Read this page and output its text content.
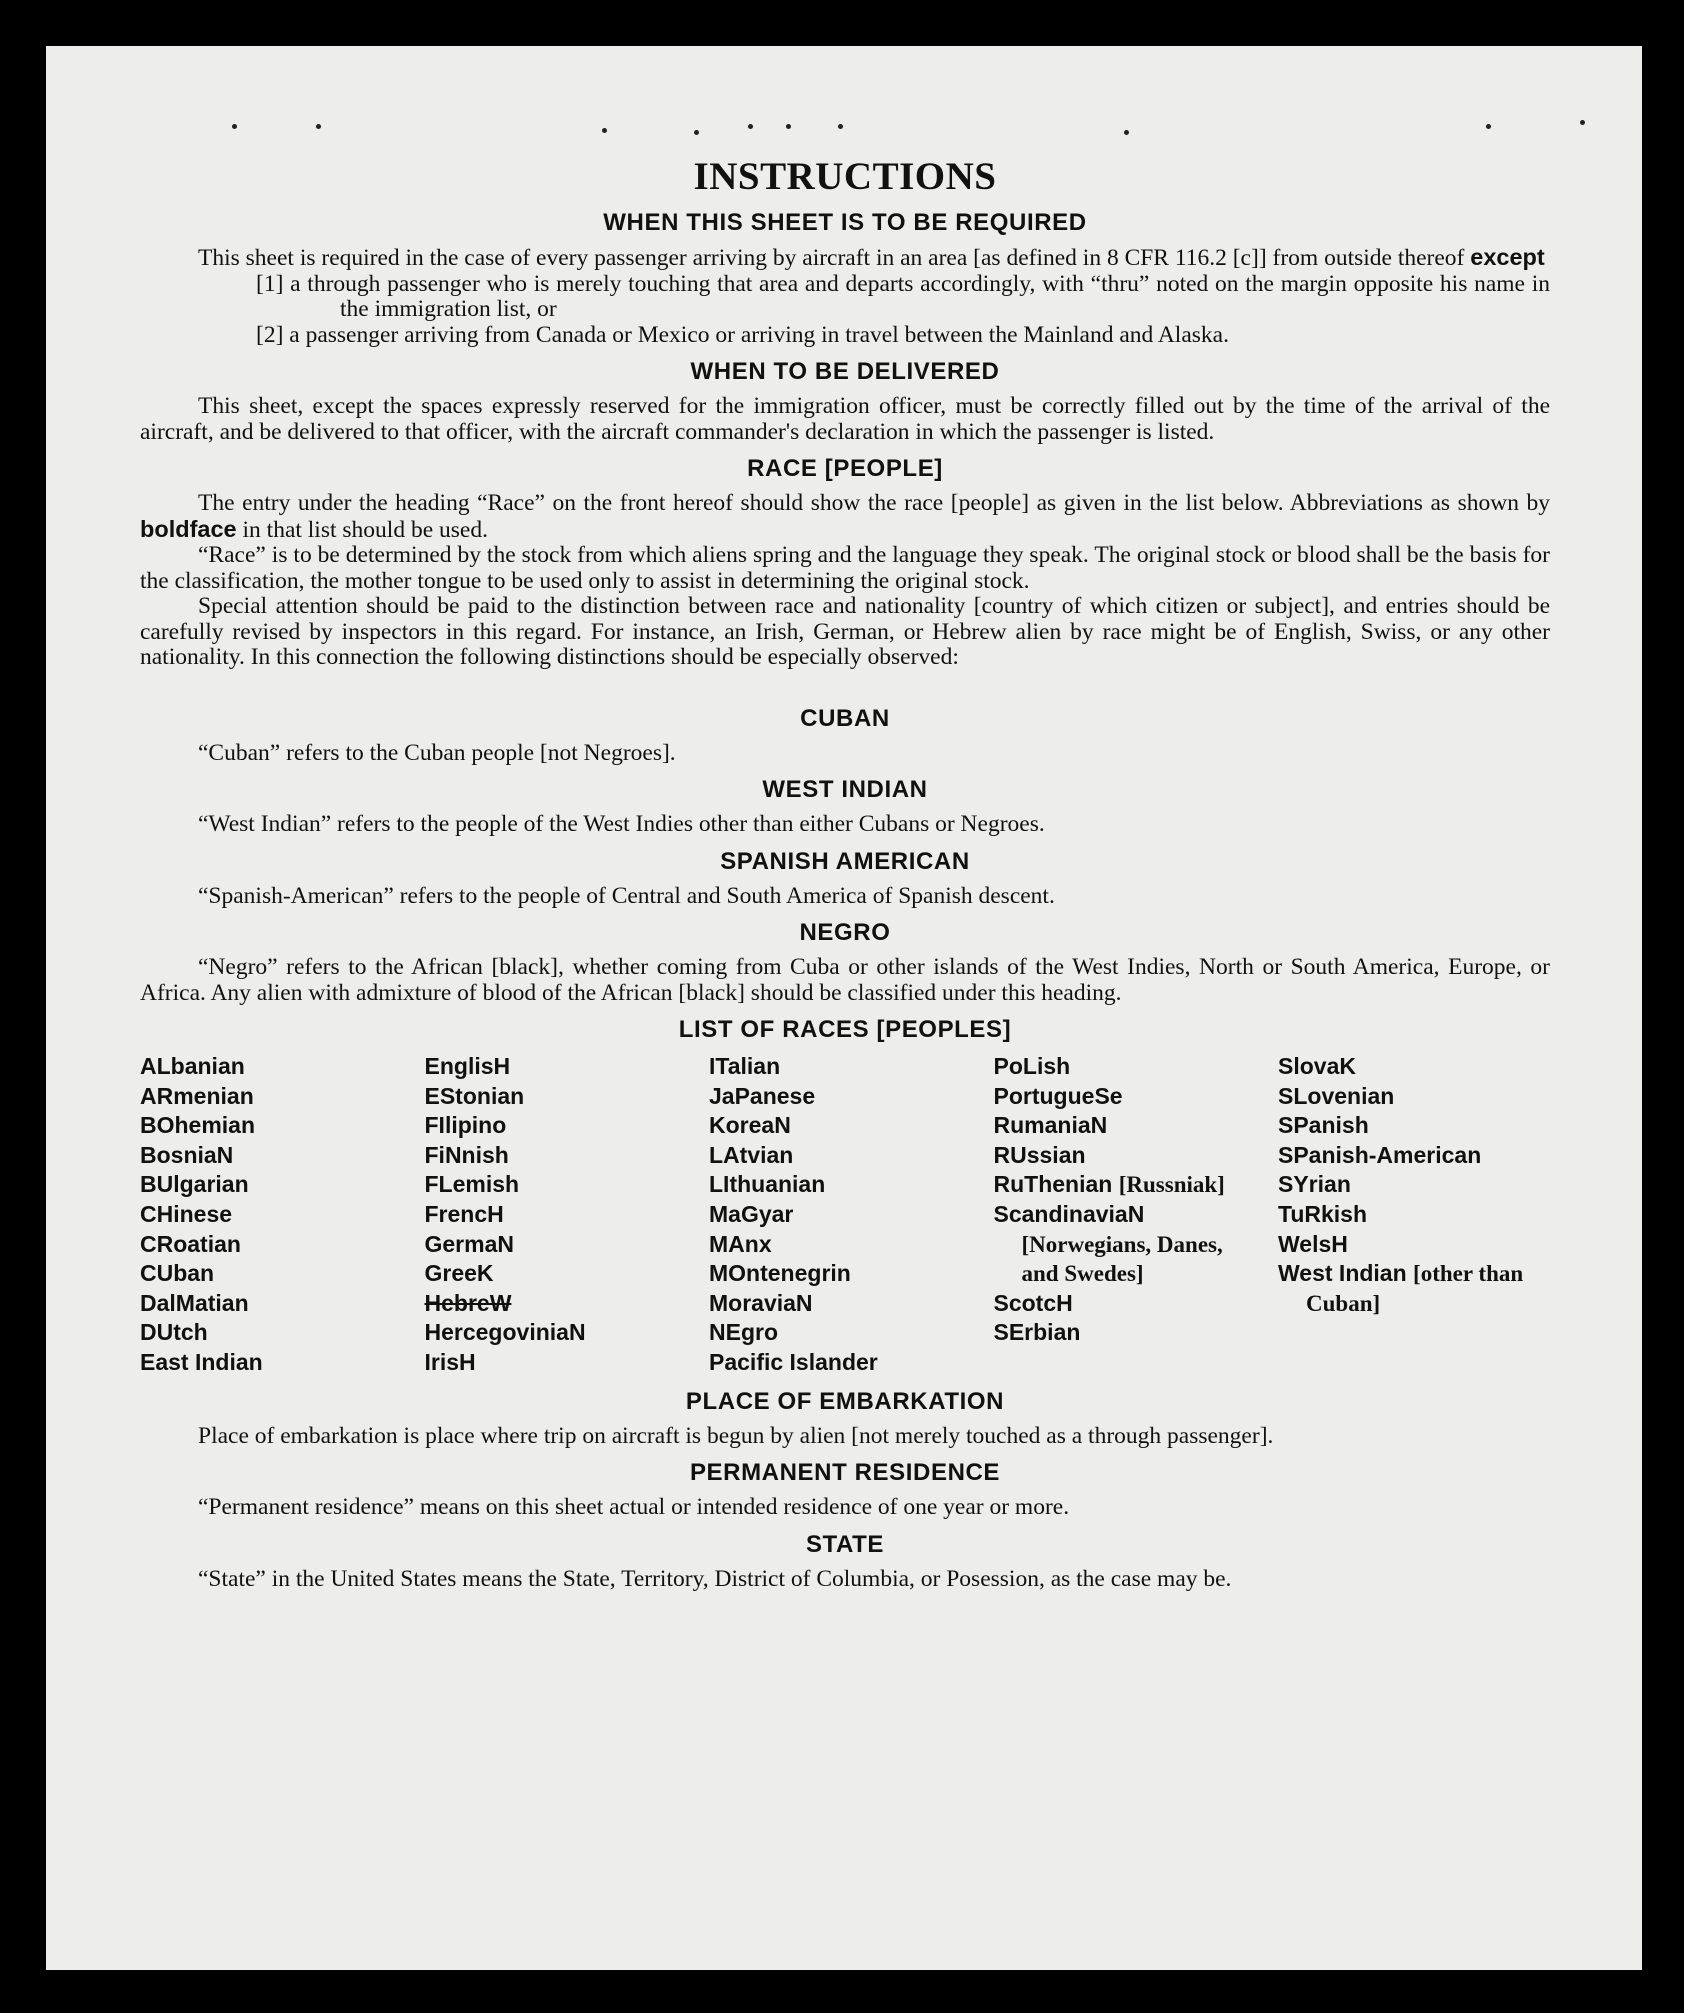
INSTRUCTIONS
WHEN THIS SHEET IS TO BE REQUIRED

This sheet is required in the case of every passenger arriving by aircraft in an area [as defined in 8 CFR 116.2 [c]] from outside thereof except

[1] a through passenger who is merely touching that area and departs accordingly, with “thru” noted on the margin opposite his name in the immigration list, or
[2] a passenger arriving from Canada or Mexico or arriving in travel between the Mainland and Alaska.
WHEN TO BE DELIVERED

This sheet, except the spaces expressly reserved for the immigration officer, must be correctly filled out by the time of the arrival of the aircraft, and be delivered to that officer, with the aircraft commander's declaration in which the passenger is listed.

RACE [PEOPLE]

The entry under the heading “Race” on the front hereof should show the race [people] as given in the list below. Abbreviations as shown by boldface in that list should be used.

“Race” is to be determined by the stock from which aliens spring and the language they speak. The original stock or blood shall be the basis for the classification, the mother tongue to be used only to assist in determining the original stock.

Special attention should be paid to the distinction between race and nationality [country of which citizen or subject], and entries should be carefully revised by inspectors in this regard. For instance, an Irish, German, or Hebrew alien by race might be of English, Swiss, or any other nationality. In this connection the following distinctions should be especially observed:

CUBAN

“Cuban” refers to the Cuban people [not Negroes].

WEST INDIAN

“West Indian” refers to the people of the West Indies other than either Cubans or Negroes.

SPANISH AMERICAN

“Spanish-American” refers to the people of Central and South America of Spanish descent.

NEGRO

“Negro” refers to the African [black], whether coming from Cuba or other islands of the West Indies, North or South America, Europe, or Africa. Any alien with admixture of blood of the African [black] should be classified under this heading.

LIST OF RACES [PEOPLES]
ALbanian
ARmenian
BOhemian
BosniaN
BUlgarian
CHinese
CRoatian
CUban
DalMatian
DUtch
East Indian
EnglisH
EStonian
FIlipino
FiNnish
FLemish
FrencH
GermaN
GreeK
HebreW
HercegoviniaN
IrisH
ITalian
JaPanese
KoreaN
LAtvian
LIthuanian
MaGyar
MAnx
MOntenegrin
MoraviaN
NEgro
Pacific Islander
PoLish
PortugueSe
RumaniaN
RUssian
RuThenian [Russniak]
ScandinaviaN [Norwegians, Danes, and Swedes]
ScotcH
SErbian
SlovaK
SLovenian
SPanish
SPanish-American
SYrian
TuRkish
WelsH
West Indian [other than Cuban]
PLACE OF EMBARKATION

Place of embarkation is place where trip on aircraft is begun by alien [not merely touched as a through passenger].

PERMANENT RESIDENCE

“Permanent residence” means on this sheet actual or intended residence of one year or more.

STATE

“State” in the United States means the State, Territory, District of Columbia, or Posession, as the case may be.
